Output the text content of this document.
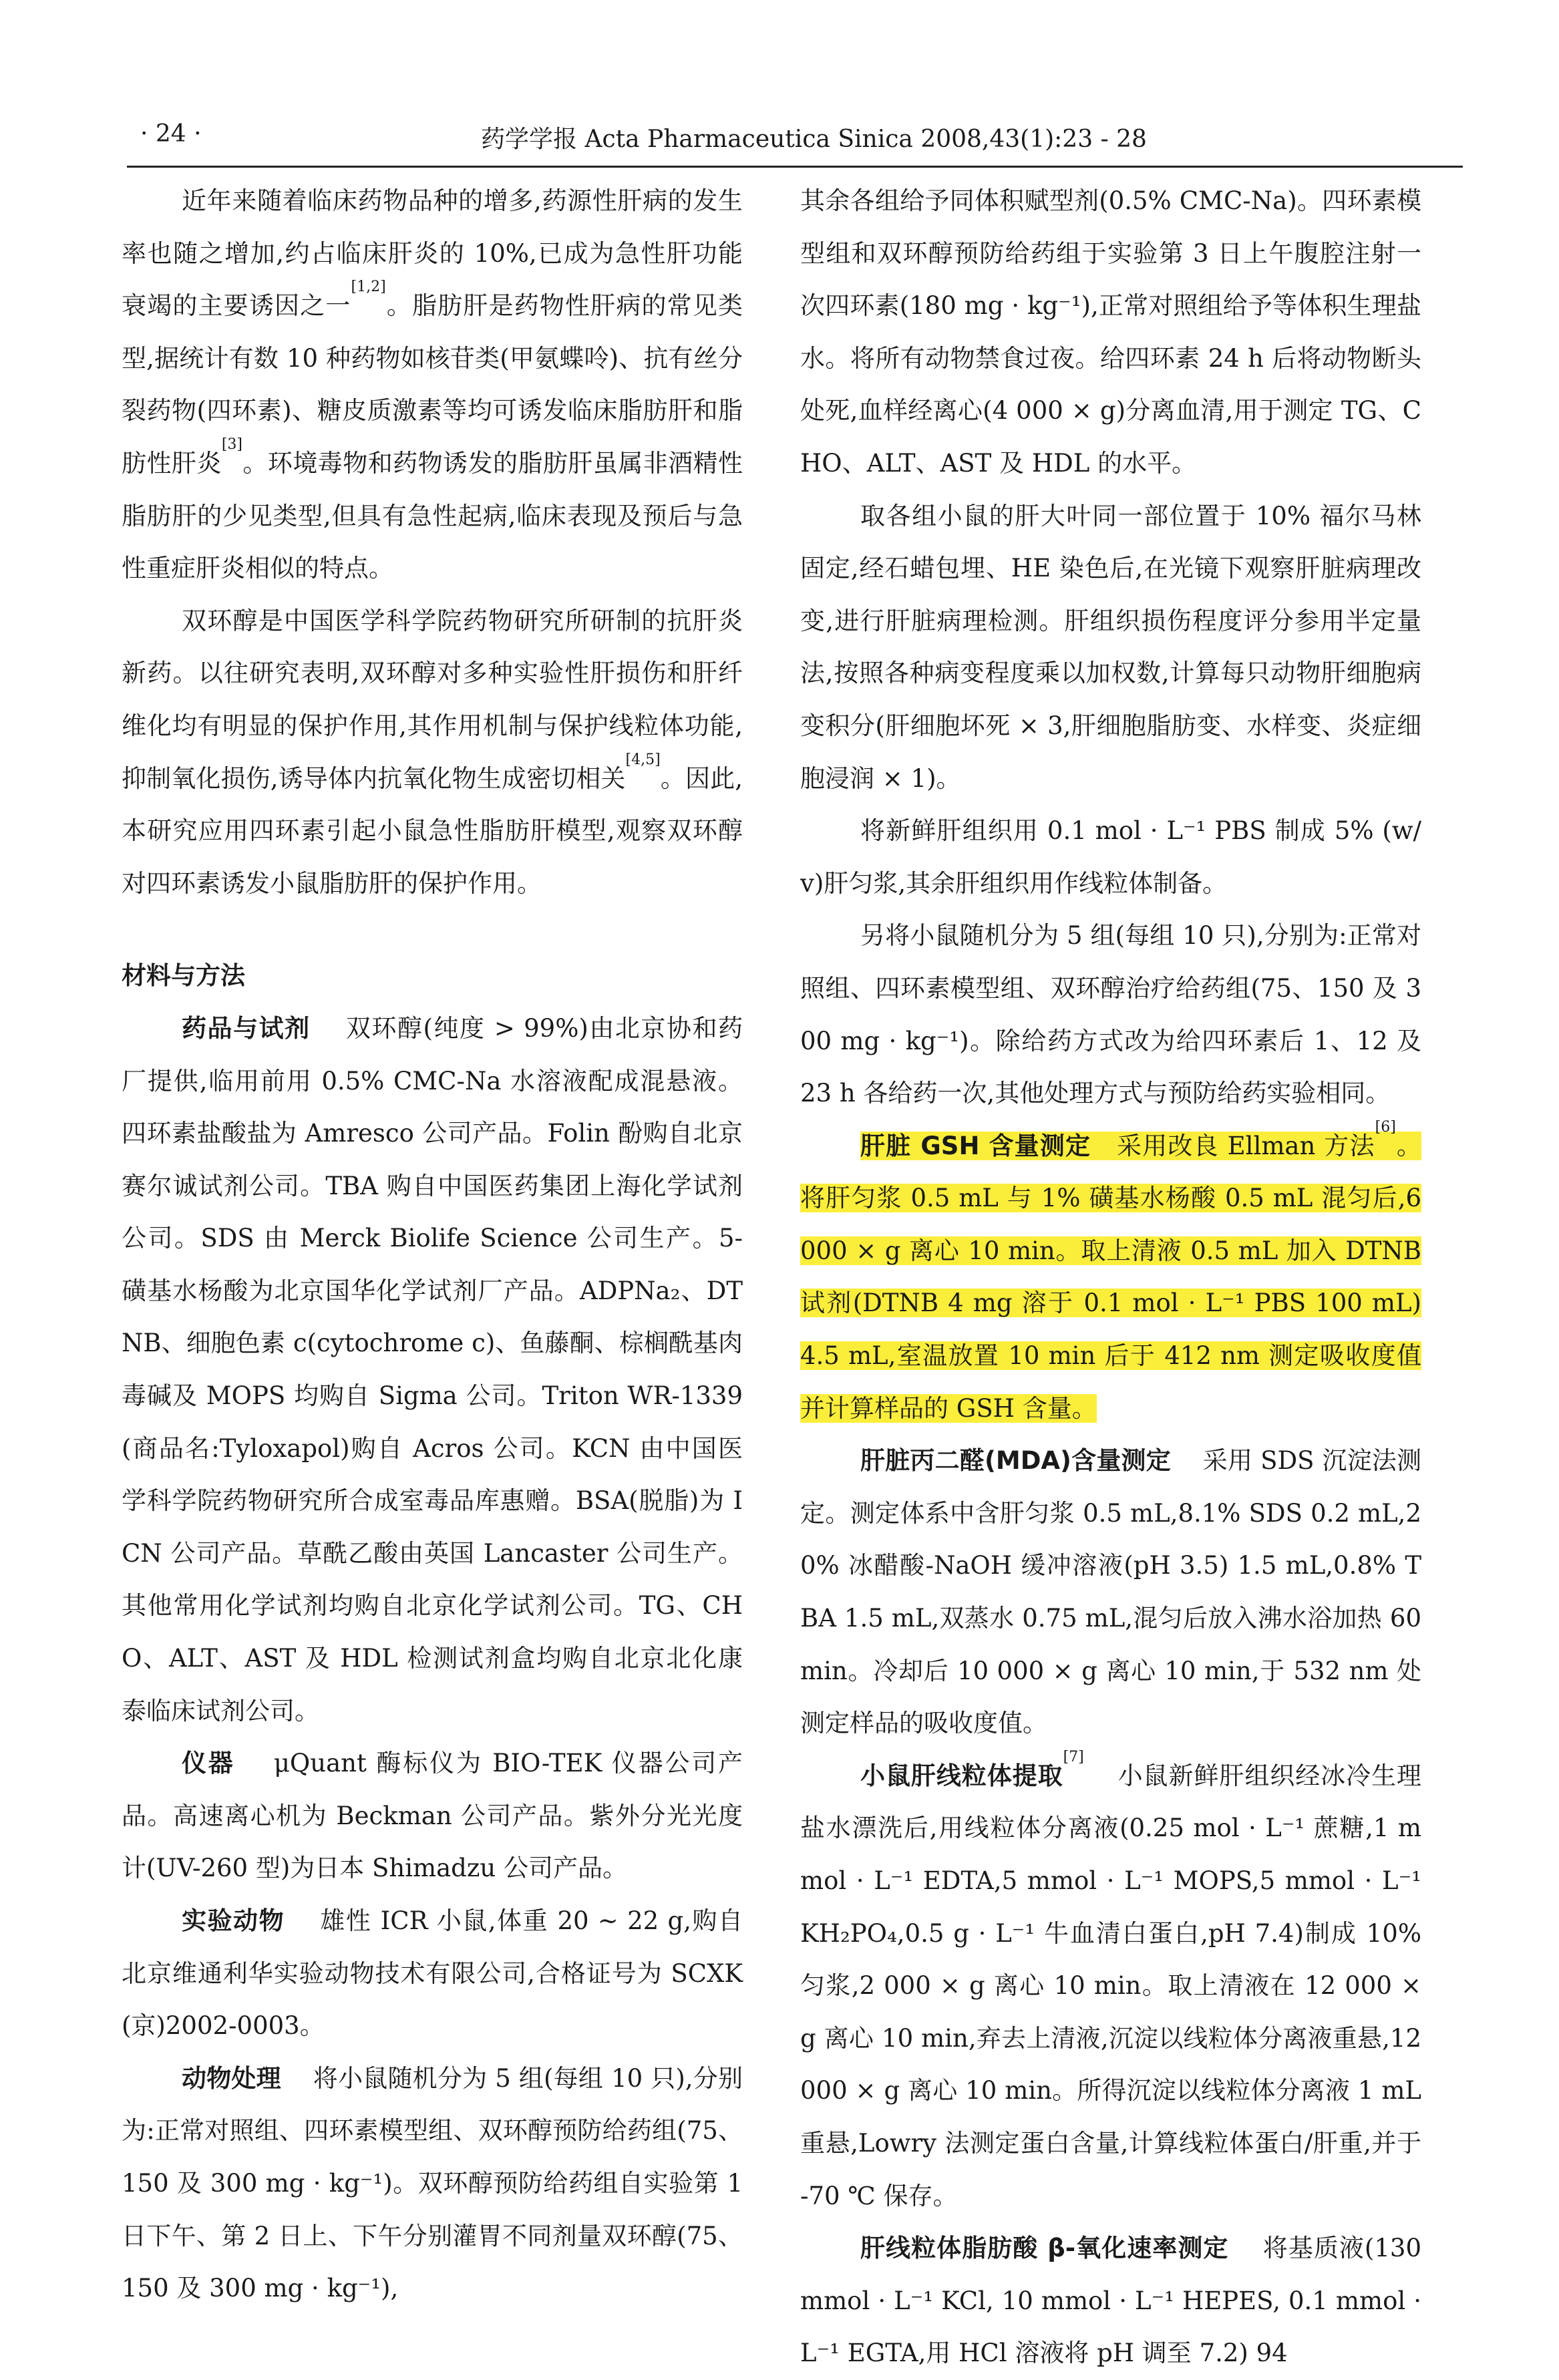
· 24 ·	药学学报 Acta Pharmaceutica Sinica 2008,43(1):23 - 28

近年来随着临床药物品种的增多,药源性肝病的发生率也随之增加,约占临床肝炎的 10%,已成为急性肝功能衰竭的主要诱因之一[1,2]。脂肪肝是药物性肝病的常见类型,据统计有数 10 种药物如核苷类(甲氨蝶呤)、抗有丝分裂药物(四环素)、糖皮质激素等均可诱发临床脂肪肝和脂肪性肝炎[3]。环境毒物和药物诱发的脂肪肝虽属非酒精性脂肪肝的少见类型,但具有急性起病,临床表现及预后与急性重症肝炎相似的特点。

双环醇是中国医学科学院药物研究所研制的抗肝炎新药。以往研究表明,双环醇对多种实验性肝损伤和肝纤维化均有明显的保护作用,其作用机制与保护线粒体功能,抑制氧化损伤,诱导体内抗氧化物生成密切相关[4,5]。因此,本研究应用四环素引起小鼠急性脂肪肝模型,观察双环醇对四环素诱发小鼠脂肪肝的保护作用。

材料与方法

药品与试剂 双环醇(纯度 > 99%)由北京协和药厂提供,临用前用 0.5% CMC-Na 水溶液配成混悬液。四环素盐酸盐为 Amresco 公司产品。Folin 酚购自北京赛尔诚试剂公司。TBA 购自中国医药集团上海化学试剂公司。SDS 由 Merck Biolife Science 公司生产。5-磺基水杨酸为北京国华化学试剂厂产品。ADPNa₂、DTNB、细胞色素 c(cytochrome c)、鱼藤酮、棕榈酰基肉毒碱及 MOPS 均购自 Sigma 公司。Triton WR-1339(商品名:Tyloxapol)购自 Acros 公司。KCN 由中国医学科学院药物研究所合成室毒品库惠赠。BSA(脱脂)为 ICN 公司产品。草酰乙酸由英国 Lancaster 公司生产。其他常用化学试剂均购自北京化学试剂公司。TG、CHO、ALT、AST 及 HDL 检测试剂盒均购自北京北化康泰临床试剂公司。

仪器 μQuant 酶标仪为 BIO-TEK 仪器公司产品。高速离心机为 Beckman 公司产品。紫外分光光度计(UV-260 型)为日本 Shimadzu 公司产品。

实验动物 雄性 ICR 小鼠,体重 20 ~ 22 g,购自北京维通利华实验动物技术有限公司,合格证号为 SCXK(京)2002-0003。

动物处理 将小鼠随机分为 5 组(每组 10 只),分别为:正常对照组、四环素模型组、双环醇预防给药组(75、150 及 300 mg · kg⁻¹)。双环醇预防给药组自实验第 1 日下午、第 2 日上、下午分别灌胃不同剂量双环醇(75、150 及 300 mg · kg⁻¹),

其余各组给予同体积赋型剂(0.5% CMC-Na)。四环素模型组和双环醇预防给药组于实验第 3 日上午腹腔注射一次四环素(180 mg · kg⁻¹),正常对照组给予等体积生理盐水。将所有动物禁食过夜。给四环素 24 h 后将动物断头处死,血样经离心(4 000 × g)分离血清,用于测定 TG、CHO、ALT、AST 及 HDL 的水平。

取各组小鼠的肝大叶同一部位置于 10% 福尔马林固定,经石蜡包埋、HE 染色后,在光镜下观察肝脏病理改变,进行肝脏病理检测。肝组织损伤程度评分参用半定量法,按照各种病变程度乘以加权数,计算每只动物肝细胞病变积分(肝细胞坏死 × 3,肝细胞脂肪变、水样变、炎症细胞浸润 × 1)。

将新鲜肝组织用 0.1 mol · L⁻¹ PBS 制成 5% (w/v)肝匀浆,其余肝组织用作线粒体制备。

另将小鼠随机分为 5 组(每组 10 只),分别为:正常对照组、四环素模型组、双环醇治疗给药组(75、150 及 300 mg · kg⁻¹)。除给药方式改为给四环素后 1、12 及 23 h 各给药一次,其他处理方式与预防给药实验相同。

肝脏 GSH 含量测定 采用改良 Ellman 方法[6]。将肝匀浆 0.5 mL 与 1% 磺基水杨酸 0.5 mL 混匀后,6 000 × g 离心 10 min。取上清液 0.5 mL 加入 DTNB 试剂(DTNB 4 mg 溶于 0.1 mol · L⁻¹ PBS 100 mL) 4.5 mL,室温放置 10 min 后于 412 nm 测定吸收度值并计算样品的 GSH 含量。

肝脏丙二醛(MDA)含量测定 采用 SDS 沉淀法测定。测定体系中含肝匀浆 0.5 mL,8.1% SDS 0.2 mL,20% 冰醋酸-NaOH 缓冲溶液(pH 3.5) 1.5 mL,0.8% TBA 1.5 mL,双蒸水 0.75 mL,混匀后放入沸水浴加热 60 min。冷却后 10 000 × g 离心 10 min,于 532 nm 处测定样品的吸收度值。

小鼠肝线粒体提取[7]    小鼠新鲜肝组织经冰冷生理盐水漂洗后,用线粒体分离液(0.25 mol · L⁻¹ 蔗糖,1 mmol · L⁻¹ EDTA,5 mmol · L⁻¹ MOPS,5 mmol · L⁻¹ KH₂PO₄,0.5 g · L⁻¹ 牛血清白蛋白,pH 7.4)制成 10% 匀浆,2 000 × g 离心 10 min。取上清液在 12 000 × g 离心 10 min,弃去上清液,沉淀以线粒体分离液重悬,12 000 × g 离心 10 min。所得沉淀以线粒体分离液 1 mL 重悬,Lowry 法测定蛋白含量,计算线粒体蛋白/肝重,并于 -70 ℃ 保存。

肝线粒体脂肪酸 β-氧化速率测定 将基质液(130 mmol · L⁻¹ KCl, 10 mmol · L⁻¹ HEPES, 0.1 mmol · L⁻¹ EGTA,用 HCl 溶液将 pH 调至 7.2) 94
